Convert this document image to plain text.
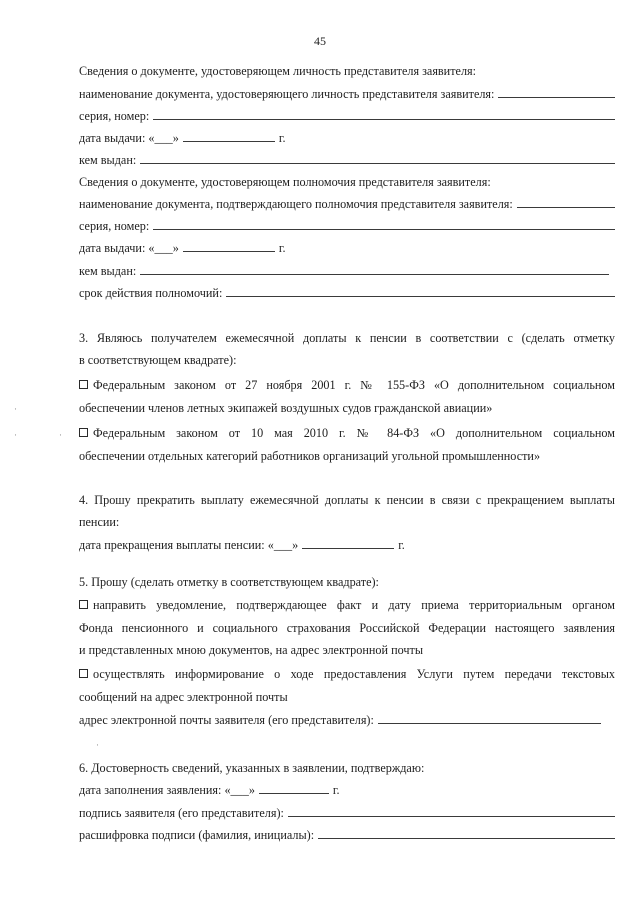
45
Сведения о документе, удостоверяющем личность представителя заявителя:
наименование документа, удостоверяющего личность представителя заявителя:
серия, номер:
дата выдачи: « ___ »	г.
кем выдан:
Сведения о документе, удостоверяющем полномочия представителя заявителя:
наименование документа, подтверждающего полномочия представителя заявителя:
серия, номер:
дата выдачи: « ___ »	г.
кем выдан:
срок действия полномочий:
3. Являюсь получателем ежемесячной доплаты к пенсии в соответствии с (сделать отметку
в соответствующем квадрате):
Федеральным законом от 27 ноября 2001 г. № 155-ФЗ «О дополнительном социальном
обеспечении членов летных экипажей воздушных судов гражданской авиации»
Федеральным законом от 10 мая 2010 г. № 84-ФЗ «О дополнительном социальном
обеспечении отдельных категорий работников организаций угольной промышленности»
4. Прошу прекратить выплату ежемесячной доплаты к пенсии в связи с прекращением выплаты
пенсии:
дата прекращения выплаты пенсии: « ___ »	г.
5. Прошу (сделать отметку в соответствующем квадрате):
направить уведомление, подтверждающее факт и дату приема территориальным органом
Фонда пенсионного и социального страхования Российской Федерации настоящего заявления
и представленных мною документов, на адрес электронной почты
осуществлять информирование о ходе предоставления Услуги путем передачи текстовых
сообщений на адрес электронной почты
адрес электронной почты заявителя (его представителя):
6. Достоверность сведений, указанных в заявлении, подтверждаю:
дата заполнения заявления: « ___ »	г.
подпись заявителя (его представителя):
расшифровка подписи (фамилия, инициалы):
·
·	·
·
